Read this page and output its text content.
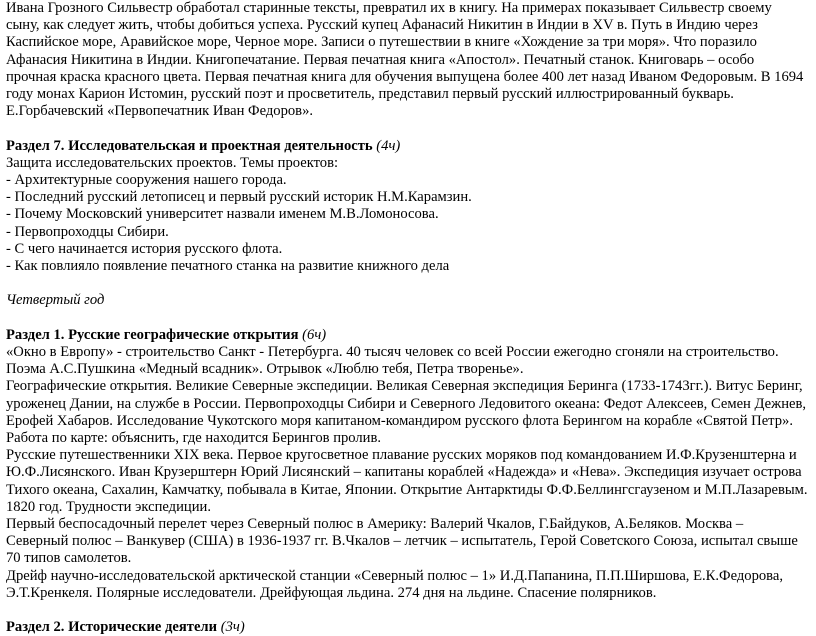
Ивана Грозного Сильвестр обработал старинные тексты, превратил их в книгу. На примерах показывает Сильвестр своему сыну, как следует жить, чтобы добиться успеха. Русский купец Афанасий Никитин в Индии в XV в. Путь в Индию через Каспийское море, Аравийское море, Черное море. Записи о путешествии в книге «Хождение за три моря». Что поразило Афанасия Никитина в Индии. Книгопечатание. Первая печатная книга «Апостол». Печатный станок. Книговарь – особо прочная краска красного цвета. Первая печатная книга для обучения выпущена более 400 лет назад Иваном Федоровым. В 1694 году монах Карион Истомин, русский поэт и просветитель, представил первый русский иллюстрированный букварь. Е.Горбачевский «Первопечатник Иван Федоров».

Раздел 7. Исследовательская и проектная деятельность (4ч)

Защита исследовательских проектов. Темы проектов:

- Архитектурные сооружения нашего города.

- Последний русский летописец и первый русский историк Н.М.Карамзин.

- Почему Московский университет назвали именем М.В.Ломоносова.

- Первопроходцы Сибири.

- С чего начинается история русского флота.

- Как повлияло появление печатного станка на развитие книжного дела

Четвертый год

Раздел 1. Русские географические открытия (6ч)

«Окно в Европу» - строительство Санкт - Петербурга. 40 тысяч человек со всей России ежегодно сгоняли на строительство. Поэма А.С.Пушкина «Медный всадник». Отрывок «Люблю тебя, Петра творенье».

Географические открытия. Великие Северные экспедиции. Великая Северная экспедиция Беринга (1733-1743гг.). Витус Беринг, уроженец Дании, на службе в России. Первопроходцы Сибири и Северного Ледовитого океана: Федот Алексеев, Семен Дежнев, Ерофей Хабаров. Исследование Чукотского моря капитаном-командиром русского флота Берингом на корабле «Святой Петр».

Работа по карте: объяснить, где находится Берингов пролив.

Русские путешественники XIX века. Первое кругосветное плавание русских моряков под командованием И.Ф.Крузенштерна и Ю.Ф.Лисянского. Иван Крузерштерн Юрий Лисянский – капитаны кораблей «Надежда» и «Нева». Экспедиция изучает острова Тихого океана, Сахалин, Камчатку, побывала в Китае, Японии. Открытие Антарктиды Ф.Ф.Беллингсгаузеном и М.П.Лазаревым. 1820 год. Трудности экспедиции.

Первый беспосадочный перелет через Северный полюс в Америку: Валерий Чкалов, Г.Байдуков, А.Беляков. Москва – Северный полюс – Ванкувер (США) в 1936-1937 гг. В.Чкалов – летчик – испытатель, Герой Советского Союза, испытал свыше 70 типов самолетов.

Дрейф научно-исследовательской арктической станции «Северный полюс – 1» И.Д.Папанина, П.П.Ширшова, Е.К.Федорова, Э.Т.Кренкеля. Полярные исследователи. Дрейфующая льдина. 274 дня на льдине. Спасение полярников.

Раздел 2. Исторические деятели (3ч)
